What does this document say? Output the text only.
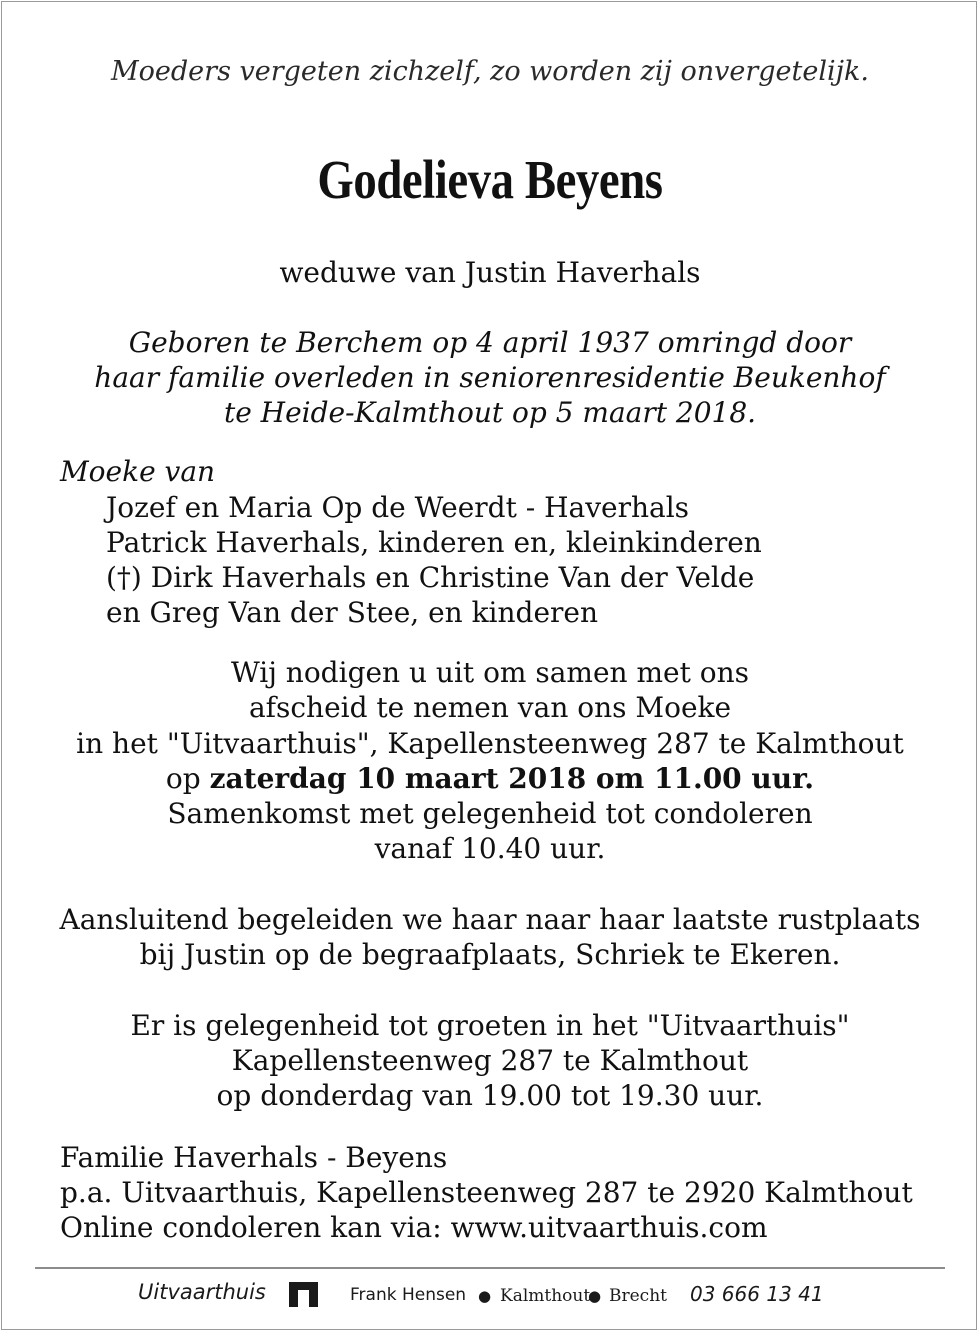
Moeders vergeten zichzelf, zo worden zij onvergetelijk.
Godelieva Beyens
weduwe van Justin Haverhals
Geboren te Berchem op 4 april 1937 omringd door
haar familie overleden in seniorenresidentie Beukenhof
te Heide-Kalmthout op 5 maart 2018.
Moeke van
Jozef en Maria Op de Weerdt - Haverhals
Patrick Haverhals, kinderen en, kleinkinderen
(†) Dirk Haverhals en Christine Van der Velde
en Greg Van der Stee, en kinderen
Wij nodigen u uit om samen met ons
afscheid te nemen van ons Moeke
in het "Uitvaarthuis", Kapellensteenweg 287 te Kalmthout
op zaterdag 10 maart 2018 om 11.00 uur.
Samenkomst met gelegenheid tot condoleren
vanaf 10.40 uur.
Aansluitend begeleiden we haar naar haar laatste rustplaats
bij Justin op de begraafplaats, Schriek te Ekeren.
Er is gelegenheid tot groeten in het "Uitvaarthuis"
Kapellensteenweg 287 te Kalmthout
op donderdag van 19.00 tot 19.30 uur.
Familie Haverhals - Beyens
p.a. Uitvaarthuis, Kapellensteenweg 287 te 2920 Kalmthout
Online condoleren kan via: www.uitvaarthuis.com
Uitvaarthuis	Frank Hensen ● Kalmthout
● Brecht 03 666 13 41
